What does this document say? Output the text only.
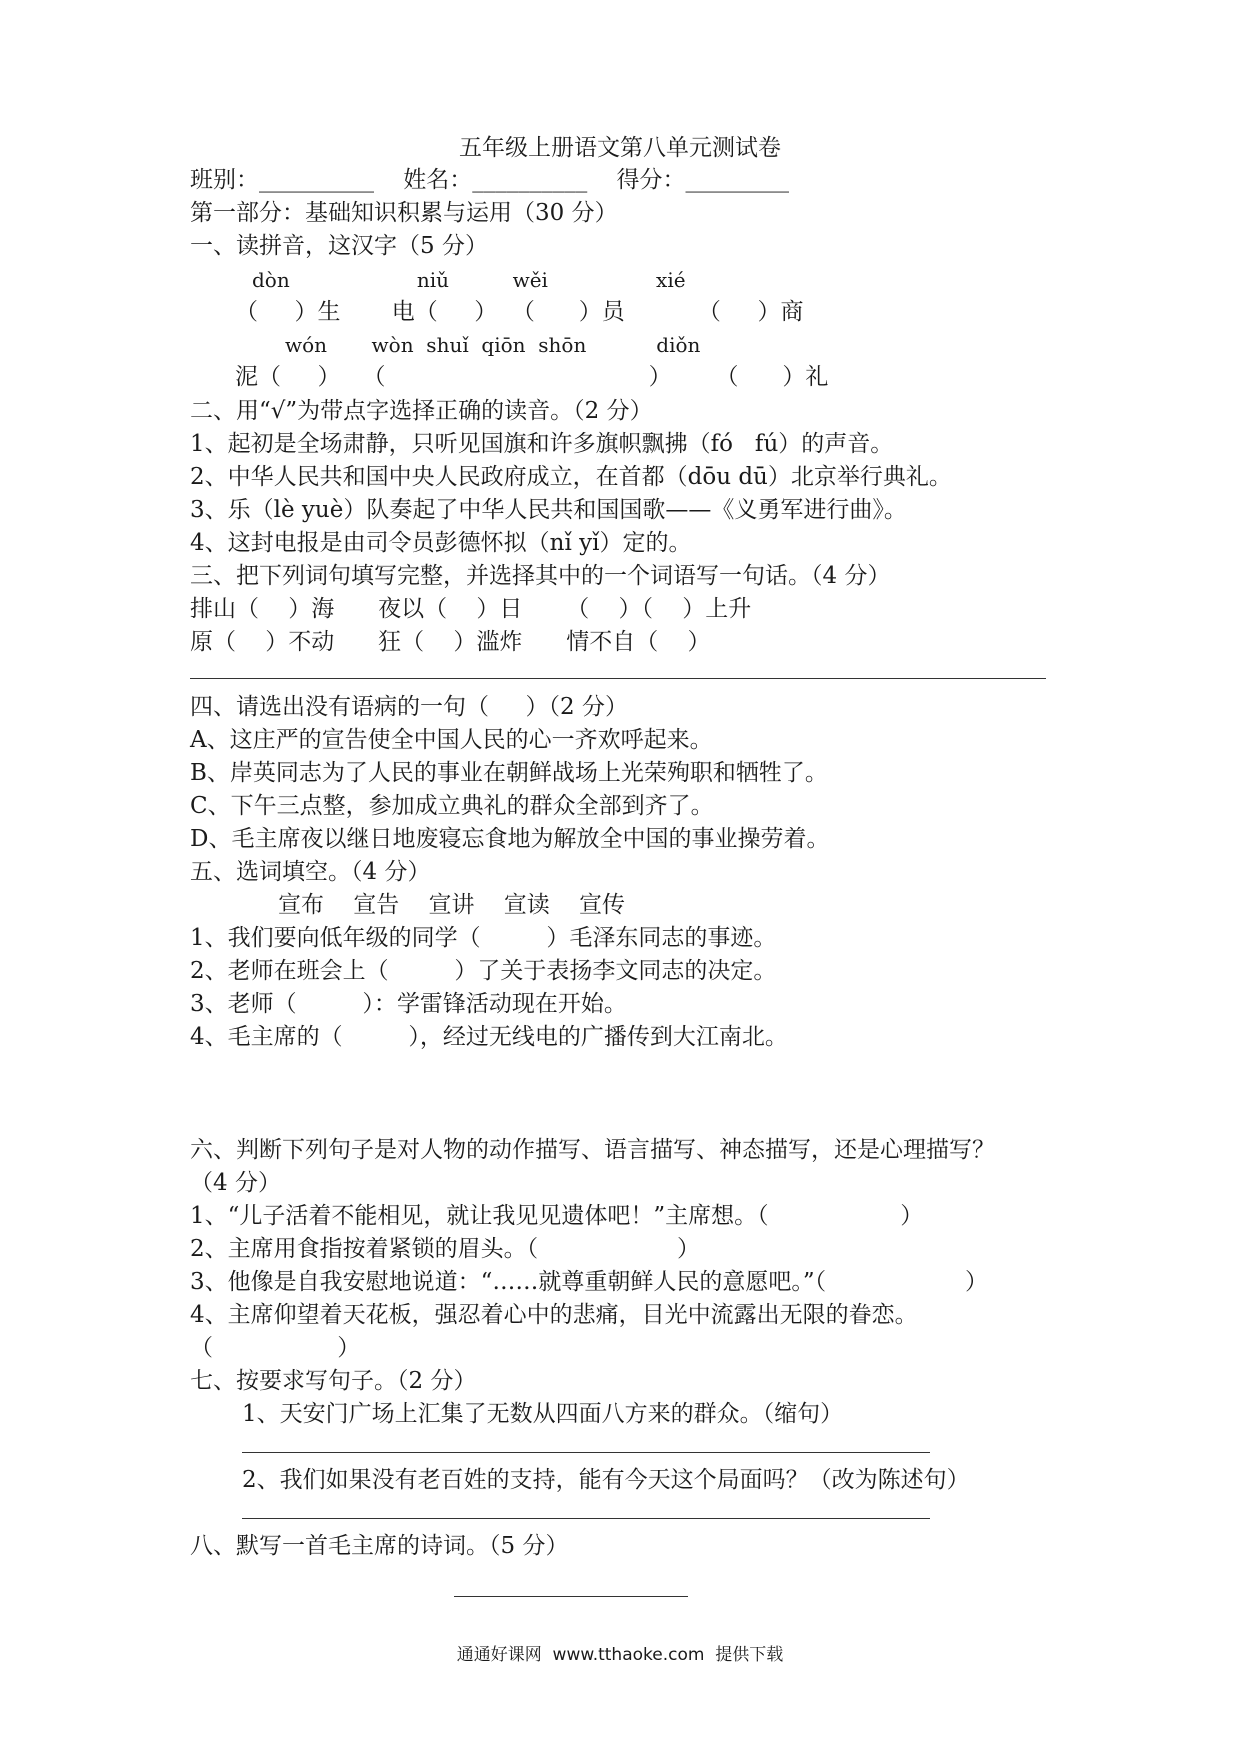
五年级上册语文第八单元测试卷
班别：__________    姓名：__________    得分：_________
第一部分：基础知识积累与运用（30 分）
一、读拼音，这汉字（5 分）
dòn                    niǔ          wěi                 xié
（     ）生       电（     ）  （      ）员          （     ）商
wón       wòn  shuǐ  qiōn  shōn           diǒn
泥（     ）   （                                    ）      （      ）礼
二、用“√”为带点字选择正确的读音。（2 分）
1、起初是全场肃静，只听见国旗和许多旗帜飘拂（fó   fú）的声音。
2、中华人民共和国中央人民政府成立，在首都（dōu dū）北京举行典礼。
3、乐（lè yuè）队奏起了中华人民共和国国歌——《义勇军进行曲》。
4、这封电报是由司令员彭德怀拟（nǐ yǐ）定的。
三、把下列词句填写完整，并选择其中的一个词语写一句话。（4 分）
排山（    ）海      夜以（    ）日      （    ）（    ）上升
原（    ）不动      狂（    ）滥炸      情不自（    ）
四、请选出没有语病的一句（     ）（2 分）
A、这庄严的宣告使全中国人民的心一齐欢呼起来。
B、岸英同志为了人民的事业在朝鲜战场上光荣殉职和牺牲了。
C、下午三点整，参加成立典礼的群众全部到齐了。
D、毛主席夜以继日地废寝忘食地为解放全中国的事业操劳着。
五、选词填空。（4 分）
宣布    宣告    宣讲    宣读    宣传
1、我们要向低年级的同学（         ）毛泽东同志的事迹。
2、老师在班会上（         ）了关于表扬李文同志的决定。
3、老师（         ）：学雷锋活动现在开始。
4、毛主席的（         ），经过无线电的广播传到大江南北。
六、判断下列句子是对人物的动作描写、语言描写、神态描写，还是心理描写？
（4 分）
1、“儿子活着不能相见，就让我见见遗体吧！”主席想。（                  ）
2、主席用食指按着紧锁的眉头。（                   ）
3、他像是自我安慰地说道：“……就尊重朝鲜人民的意愿吧。”（                   ）
4、主席仰望着天花板，强忍着心中的悲痛，目光中流露出无限的眷恋。
（                 ）
七、按要求写句子。（2 分）
1、天安门广场上汇集了无数从四面八方来的群众。（缩句）
2、我们如果没有老百姓的支持，能有今天这个局面吗？（改为陈述句）
八、默写一首毛主席的诗词。（5 分）
通通好课网  www.tthaoke.com  提供下载
